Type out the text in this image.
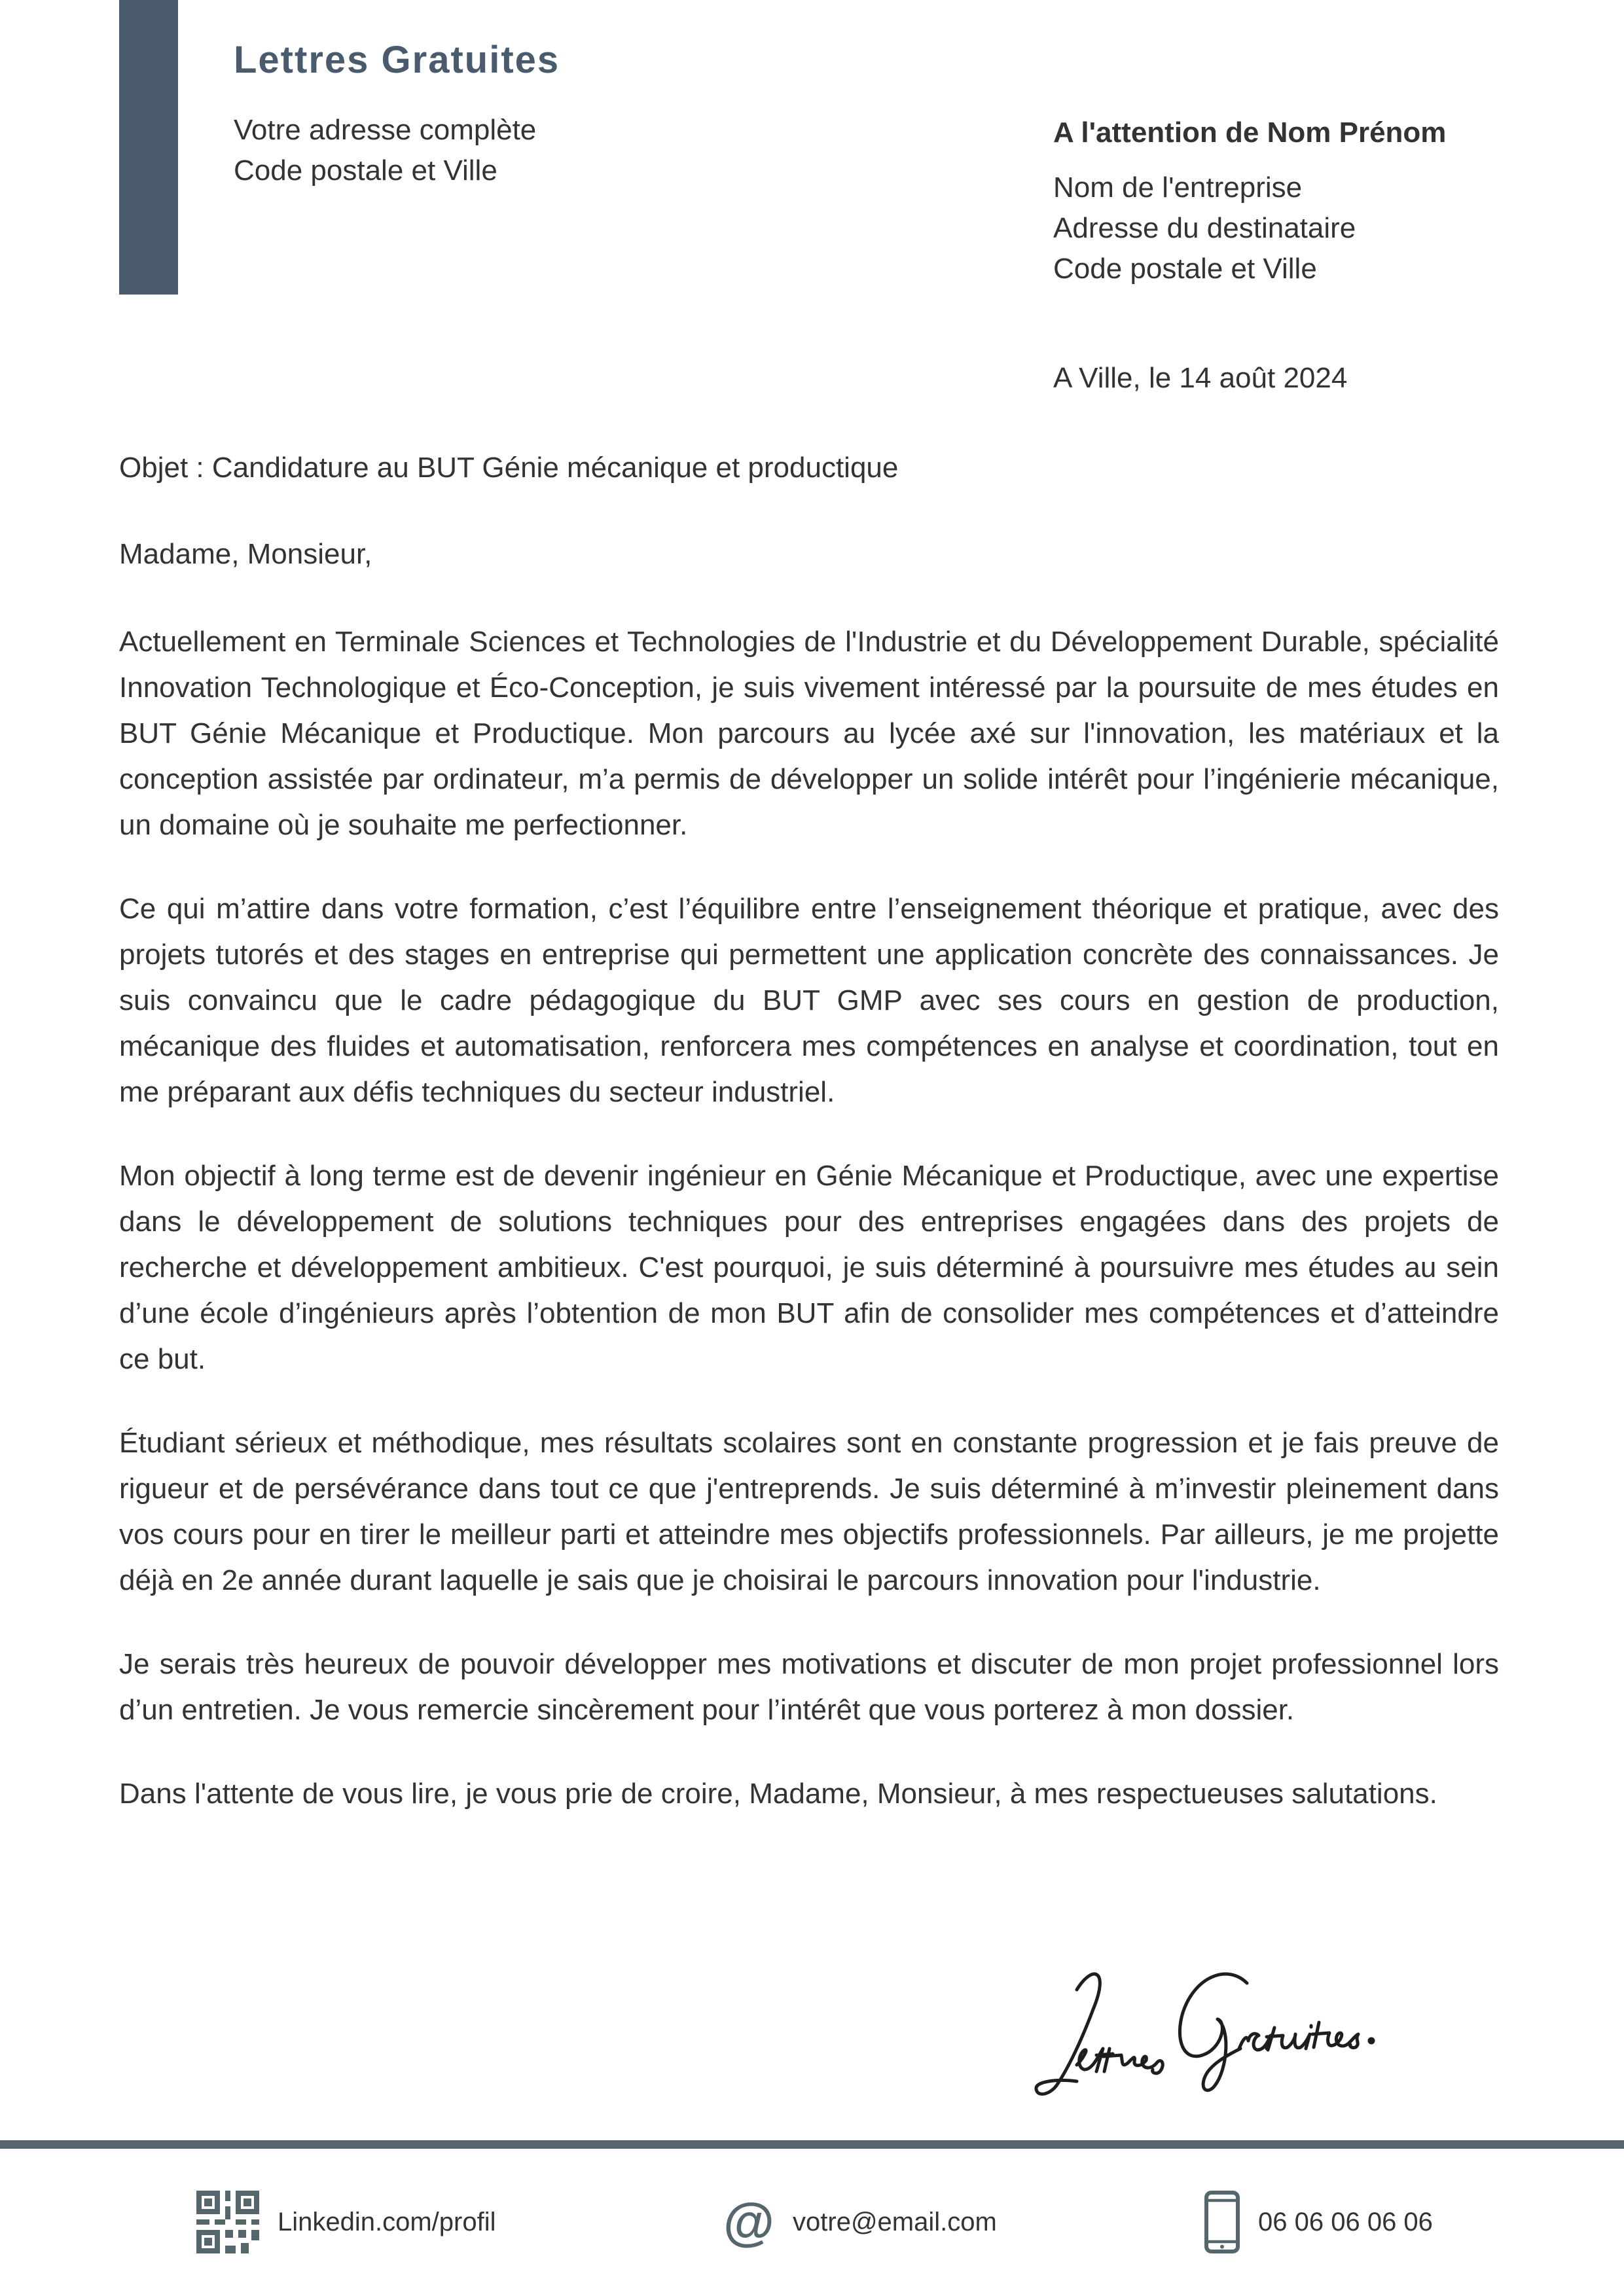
Lettres Gratuites
Votre adresse complète
Code postale et Ville
A l'attention de Nom Prénom
Nom de l'entreprise
Adresse du destinataire
Code postale et Ville
A Ville, le 14 août 2024
Objet : Candidature au BUT Génie mécanique et productique
Madame, Monsieur,

Actuellement en Terminale Sciences et Technologies de l'Industrie et du Développement Durable, spécialité Innovation Technologique et Éco-Conception, je suis vivement intéressé par la poursuite de mes études en BUT Génie Mécanique et Productique. Mon parcours au lycée axé sur l'innovation, les matériaux et la conception assistée par ordinateur, m’a permis de développer un solide intérêt pour l’ingénierie mécanique, un domaine où je souhaite me perfectionner.

Ce qui m’attire dans votre formation, c’est l’équilibre entre l’enseignement théorique et pratique, avec des projets tutorés et des stages en entreprise qui permettent une application concrète des connaissances. Je suis convaincu que le cadre pédagogique du BUT GMP avec ses cours en gestion de production, mécanique des fluides et automatisation, renforcera mes compétences en analyse et coordination, tout en me préparant aux défis techniques du secteur industriel.

Mon objectif à long terme est de devenir ingénieur en Génie Mécanique et Productique, avec une expertise dans le développement de solutions techniques pour des entreprises engagées dans des projets de recherche et développement ambitieux. C'est pourquoi, je suis déterminé à poursuivre mes études au sein d’une école d’ingénieurs après l’obtention de mon BUT afin de consolider mes compétences et d’atteindre ce but.

Étudiant sérieux et méthodique, mes résultats scolaires sont en constante progression et je fais preuve de rigueur et de persévérance dans tout ce que j'entreprends. Je suis déterminé à m’investir pleinement dans vos cours pour en tirer le meilleur parti et atteindre mes objectifs professionnels. Par ailleurs, je me projette déjà en 2e année durant laquelle je sais que je choisirai le parcours innovation pour l'industrie.

Je serais très heureux de pouvoir développer mes motivations et discuter de mon projet professionnel lors d’un entretien. Je vous remercie sincèrement pour l’intérêt que vous porterez à mon dossier.

Dans l'attente de vous lire, je vous prie de croire, Madame, Monsieur, à mes respectueuses salutations.

Linkedin.com/profil	@ votre@email.com	06 06 06 06 06
